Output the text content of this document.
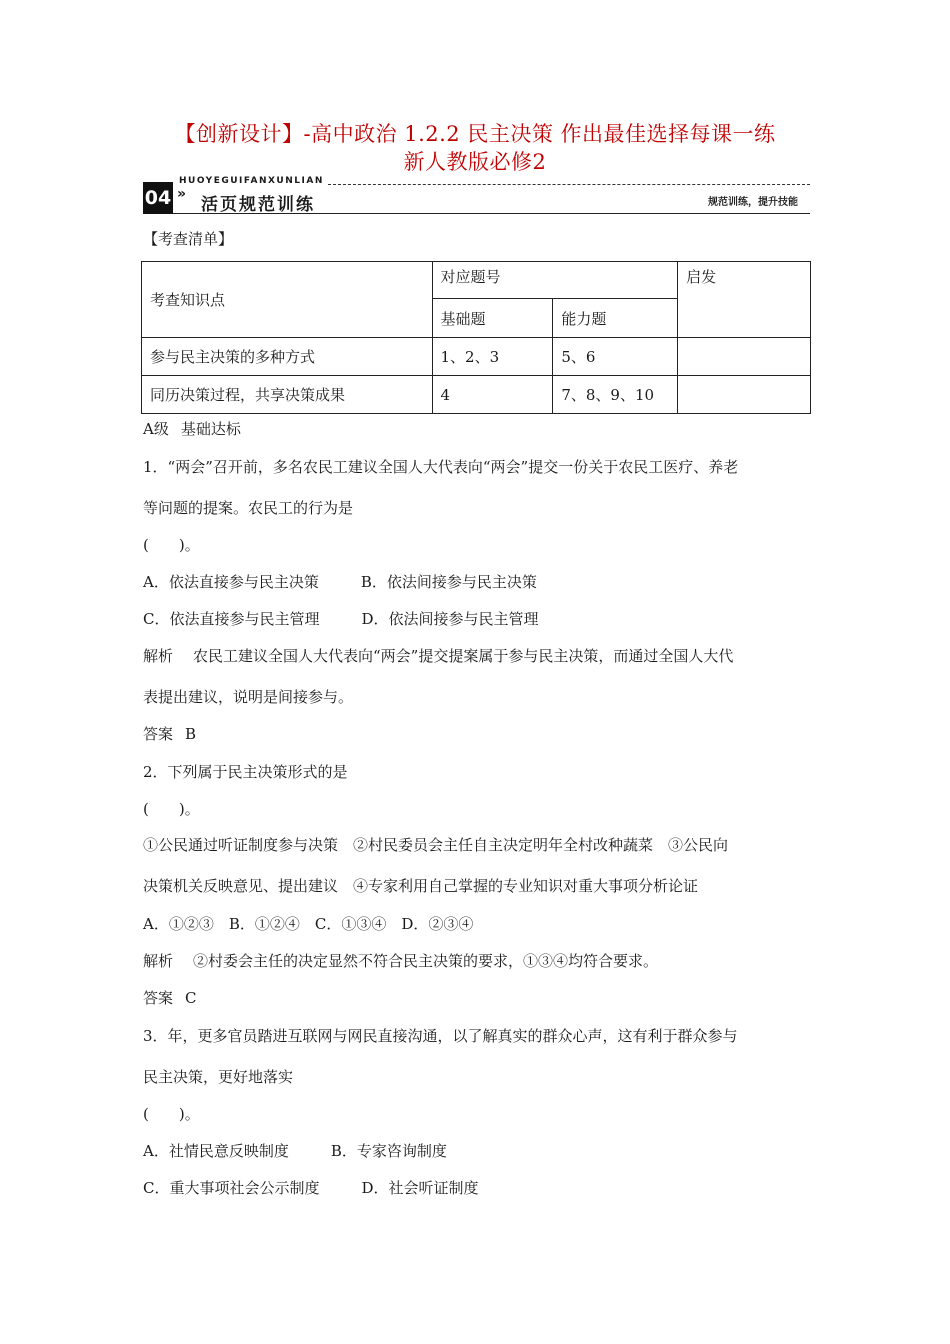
【创新设计】-高中政治 1.2.2 民主决策 作出最佳选择每课一练
新人教版必修2
HUOYEGUIFANXUNLIAN
04 »
活页规范训练	规范训练，提升技能
【考查清单】
考查知识点	对应题号		启发
	基础题	能力题	
参与民主决策的多种方式	1、2、3	5、6	
同历决策过程，共享决策成果	4	7、8、9、10	
A级 基础达标
1．“两会”召开前，多名农民工建议全国人大代表向“两会”提交一份关于农民工医疗、养老
等问题的提案。农民工的行为是
(　　)。
A．依法直接参与民主决策	B．依法间接参与民主决策
C．依法直接参与民主管理	D．依法间接参与民主管理
解析 农民工建议全国人大代表向“两会”提交提案属于参与民主决策，而通过全国人大代
表提出建议，说明是间接参与。
答案 B
2．下列属于民主决策形式的是
(　　)。
①公民通过听证制度参与决策　②村民委员会主任自主决定明年全村改种蔬菜　③公民向
决策机关反映意见、提出建议　④专家利用自己掌握的专业知识对重大事项分析论证
A．①②③　B．①②④　C．①③④　D．②③④
解析 ②村委会主任的决定显然不符合民主决策的要求，①③④均符合要求。
答案 C
3．年，更多官员踏进互联网与网民直接沟通，以了解真实的群众心声，这有利于群众参与
民主决策，更好地落实
(　　)。
A．社情民意反映制度	B．专家咨询制度
C．重大事项社会公示制度	D．社会听证制度
